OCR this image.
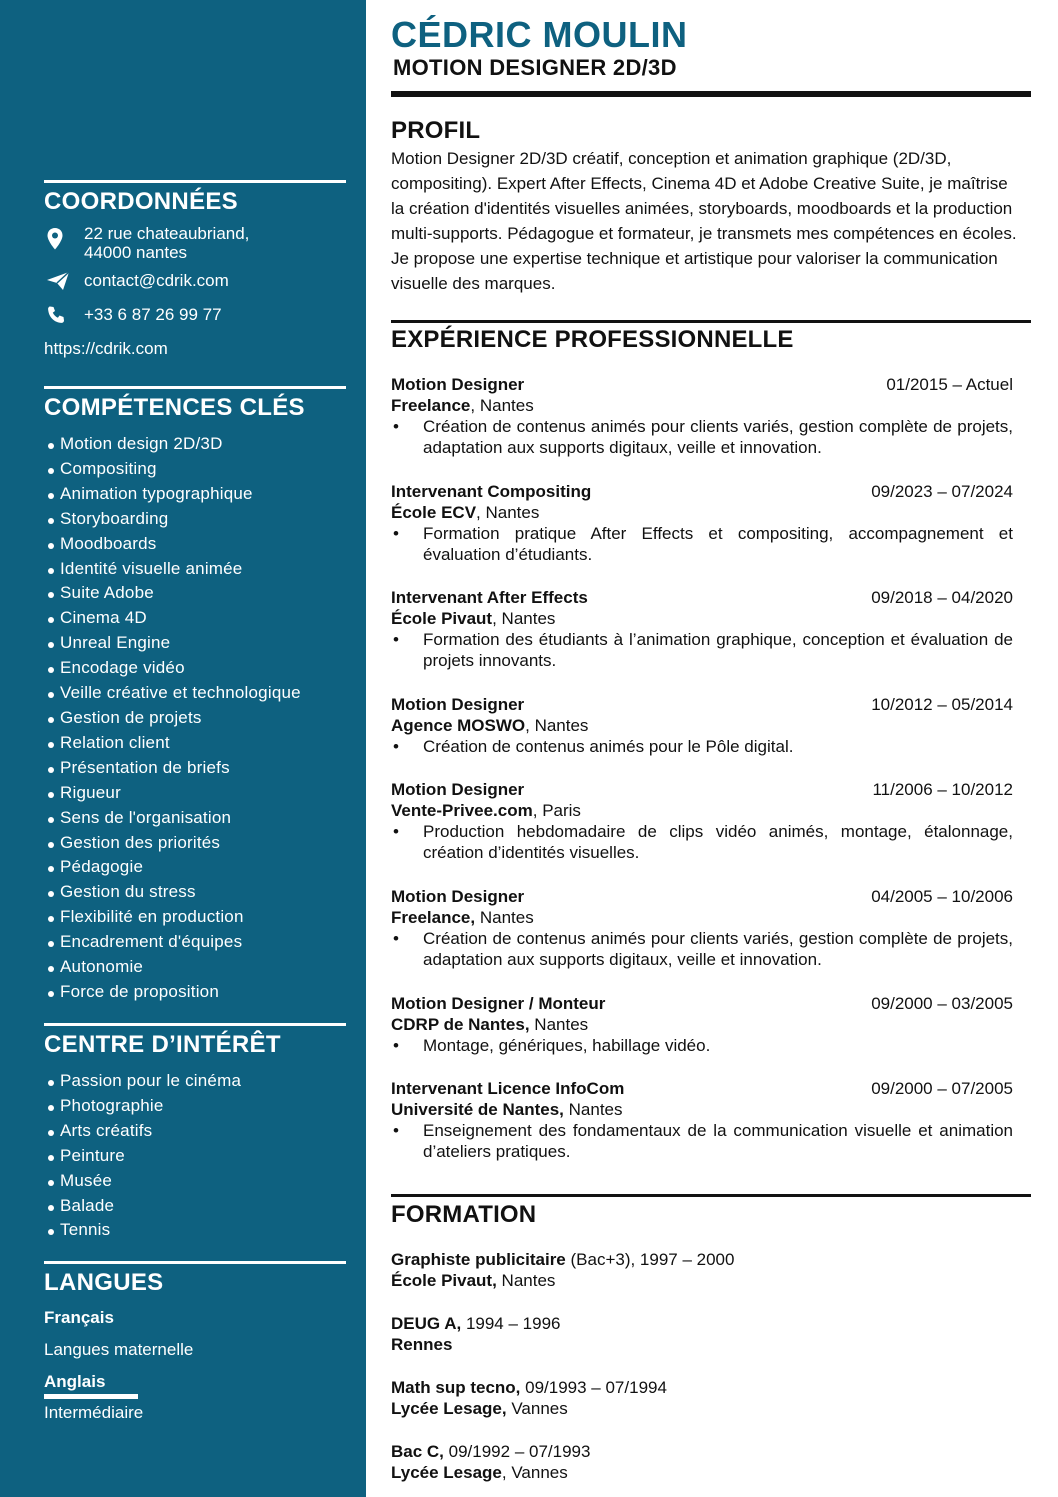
COORDONNÉES
22 rue chateaubriand,
44000 nantes
contact@cdrik.com
+33 6 87 26 99 77
https://cdrik.com
COMPÉTENCES CLÉS
Motion design 2D/3D
Compositing
Animation typographique
Storyboarding
Moodboards
Identité visuelle animée
Suite Adobe
Cinema 4D
Unreal Engine
Encodage vidéo
Veille créative et technologique
Gestion de projets
Relation client
Présentation de briefs
Rigueur
Sens de l'organisation
Gestion des priorités
Pédagogie
Gestion du stress
Flexibilité en production
Encadrement d'équipes
Autonomie
Force de proposition
CENTRE D’INTÉRÊT
Passion pour le cinéma
Photographie
Arts créatifs
Peinture
Musée
Balade
Tennis
LANGUES
Français
Langues maternelle
Anglais
Intermédiaire
CÉDRIC MOULIN
MOTION DESIGNER 2D/3D
PROFIL
Motion Designer 2D/3D créatif, conception et animation graphique (2D/3D, compositing). Expert After Effects, Cinema 4D et Adobe Creative Suite, je maîtrise la création d'identités visuelles animées, storyboards, moodboards et la production multi-supports. Pédagogue et formateur, je transmets mes compétences en écoles. Je propose une expertise technique et artistique pour valoriser la communication visuelle des marques.
EXPÉRIENCE PROFESSIONNELLE
Motion Designer	01/2015 – Actuel
Freelance, Nantes
•	Création de contenus animés pour clients variés, gestion complète de projets, adaptation aux supports digitaux, veille et innovation.
Intervenant Compositing	09/2023 – 07/2024
École ECV, Nantes
•	Formation pratique After Effects et compositing, accompagnement et évaluation d’étudiants.
Intervenant After Effects	09/2018 – 04/2020
École Pivaut, Nantes
•	Formation des étudiants à l’animation graphique, conception et évaluation de projets innovants.
Motion Designer	10/2012 – 05/2014
Agence MOSWO, Nantes
•	Création de contenus animés pour le Pôle digital.
Motion Designer	11/2006 – 10/2012
Vente-Privee.com, Paris
•	Production hebdomadaire de clips vidéo animés, montage, étalonnage, création d’identités visuelles.
Motion Designer	04/2005 – 10/2006
Freelance, Nantes
•	Création de contenus animés pour clients variés, gestion complète de projets, adaptation aux supports digitaux, veille et innovation.
Motion Designer / Monteur	09/2000 – 03/2005
CDRP de Nantes, Nantes
•	Montage, génériques, habillage vidéo.
Intervenant Licence InfoCom	09/2000 – 07/2005
Université de Nantes, Nantes
•	Enseignement des fondamentaux de la communication visuelle et animation d’ateliers pratiques.
FORMATION
Graphiste publicitaire (Bac+3), 1997 – 2000
École Pivaut, Nantes
DEUG A, 1994 – 1996
Rennes
Math sup tecno, 09/1993 – 07/1994
Lycée Lesage, Vannes
Bac C, 09/1992 – 07/1993
Lycée Lesage, Vannes
